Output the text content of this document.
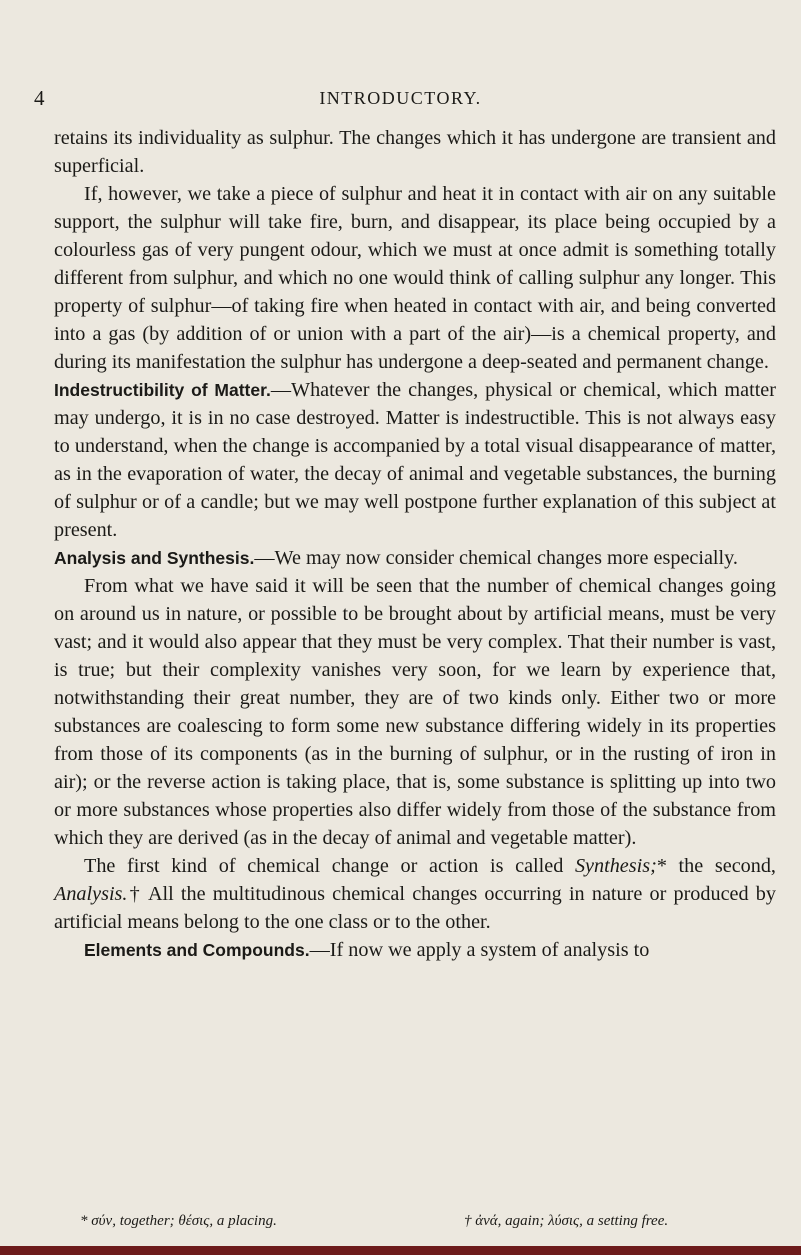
4	INTRODUCTORY.

retains its individuality as sulphur. The changes which it has undergone are transient and superficial.

If, however, we take a piece of sulphur and heat it in contact with air on any suitable support, the sulphur will take fire, burn, and disappear, its place being occupied by a colourless gas of very pungent odour, which we must at once admit is something totally different from sulphur, and which no one would think of calling sulphur any longer. This property of sulphur—of taking fire when heated in contact with air, and being converted into a gas (by addition of or union with a part of the air)—is a chemical property, and during its manifestation the sulphur has undergone a deep-seated and permanent change.

Indestructibility of Matter.—Whatever the changes, physical or chemical, which matter may undergo, it is in no case destroyed. Matter is indestructible. This is not always easy to understand, when the change is accompanied by a total visual disappearance of matter, as in the evaporation of water, the decay of animal and vegetable substances, the burning of sulphur or of a candle; but we may well postpone further explanation of this subject at present.

Analysis and Synthesis.—We may now consider chemical changes more especially.

From what we have said it will be seen that the number of chemical changes going on around us in nature, or possible to be brought about by artificial means, must be very vast; and it would also appear that they must be very complex. That their number is vast, is true; but their complexity vanishes very soon, for we learn by experience that, notwithstanding their great number, they are of two kinds only. Either two or more substances are coalescing to form some new substance differing widely in its properties from those of its components (as in the burning of sulphur, or in the rusting of iron in air); or the reverse action is taking place, that is, some substance is splitting up into two or more substances whose properties also differ widely from those of the substance from which they are derived (as in the decay of animal and vegetable matter).

The first kind of chemical change or action is called Synthesis;* the second, Analysis.† All the multitudinous chemical changes occurring in nature or produced by artificial means belong to the one class or to the other.

Elements and Compounds.—If now we apply a system of analysis to

* σύν, together; θέσις, a placing.	† ἀνά, again; λύσις, a setting free.
